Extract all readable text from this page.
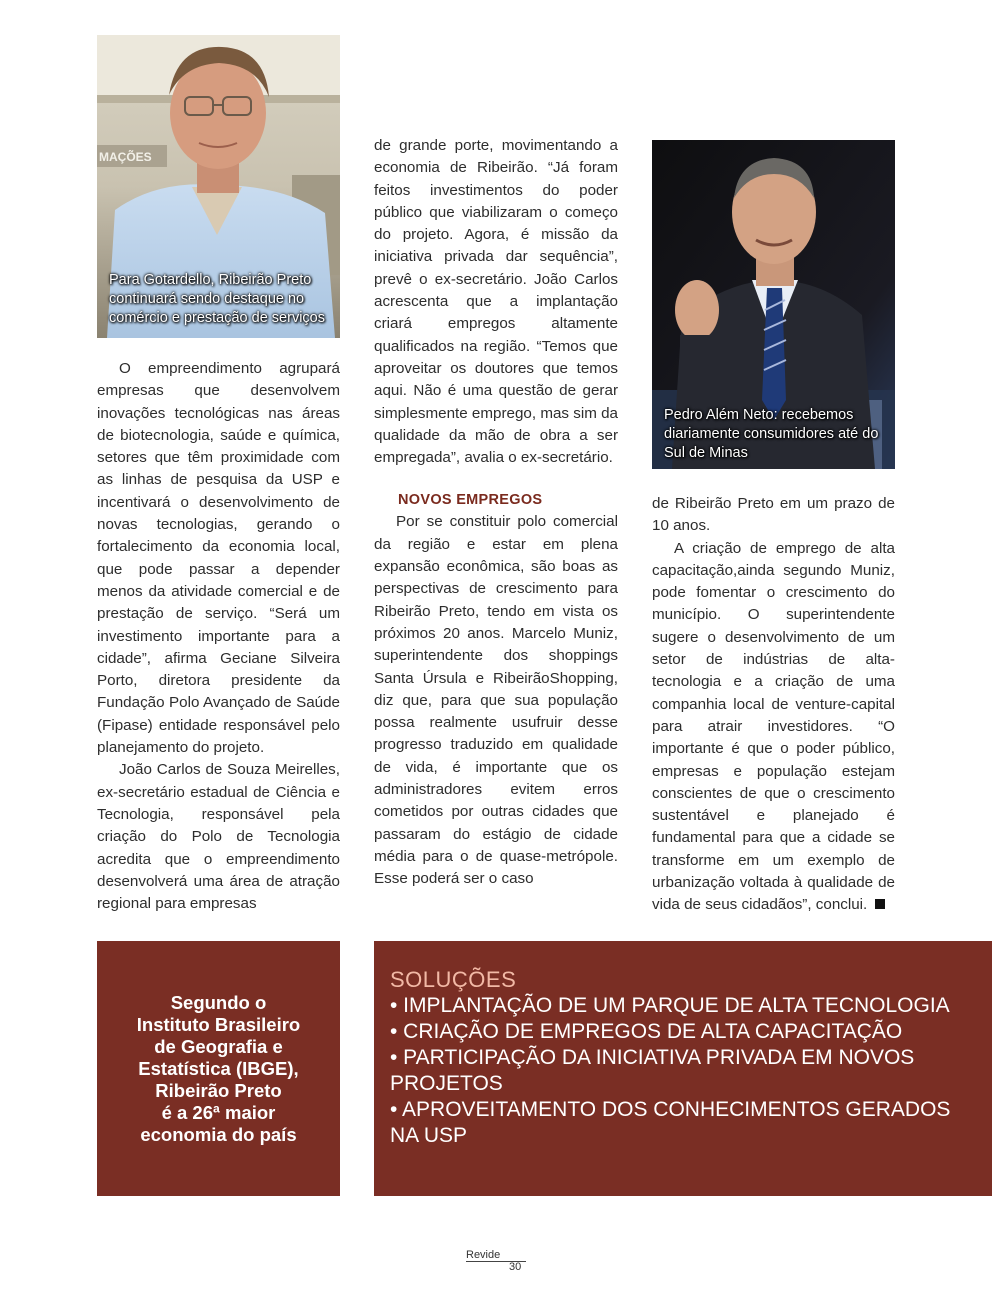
MAÇÕES
Para Gotardello, Ribeirão Preto continuará sendo destaque no comércio e prestação de serviços
Pedro Além Neto: recebemos diariamente consumidores até do Sul de Minas

O empreendimento agrupará empresas que desenvolvem inovações tecnológicas nas áreas de biotecnologia, saúde e química, setores que têm proximidade com as linhas de pesquisa da USP e incentivará o desenvolvimento de novas tecnologias, gerando o fortalecimento da economia local, que pode passar a depender menos da atividade comercial e de prestação de serviço. “Será um investimento importante para a cidade”, afirma Geciane Silveira Porto, diretora presidente da Fundação Polo Avançado de Saúde (Fipase) entidade responsável pelo planejamento do projeto.

João Carlos de Souza Meirelles, ex-secretário estadual de Ciência e Tecnologia, responsável pela criação do Polo de Tecnologia acredita que o empreendimento desenvolverá uma área de atração regional para empresas

de grande porte, movimentando a economia de Ribeirão. “Já foram feitos investimentos do poder público que viabilizaram o começo do projeto. Agora, é missão da iniciativa privada dar sequência”, prevê o ex-secretário. João Carlos acrescenta que a implantação criará empregos altamente qualificados na região. “Temos que aproveitar os doutores que temos aqui. Não é uma questão de gerar simplesmente emprego, mas sim da qualidade da mão de obra a ser empregada”, avalia o ex-secretário.

NOVOS EMPREGOS

Por se constituir polo comercial da região e estar em plena expansão econômica, são boas as perspectivas de crescimento para Ribeirão Preto, tendo em vista os próximos 20 anos. Marcelo Muniz, superintendente dos shoppings Santa Úrsula e RibeirãoShopping, diz que, para que sua população possa realmente usufruir desse progresso traduzido em qualidade de vida, é importante que os administradores evitem erros cometidos por outras cidades que passaram do estágio de cidade média para o de quase-metrópole. Esse poderá ser o caso

de Ribeirão Preto em um prazo de 10 anos.

A criação de emprego de alta capacitação,ainda segundo Muniz, pode fomentar o crescimento do município. O superintendente sugere o desenvolvimento de um setor de indústrias de alta-tecnologia e a criação de uma companhia local de venture-capital para atrair investidores. “O importante é que o poder público, empresas e população estejam conscientes de que o crescimento sustentável e planejado é fundamental para que a cidade se transforme em um exemplo de urbanização voltada à qualidade de vida de seus cidadãos”, conclui.

Segundo o
Instituto Brasileiro
de Geografia e
Estatística (IBGE),
Ribeirão Preto
é a 26ª maior
economia do país
SOLUÇÕES
• IMPLANTAÇÃO DE UM PARQUE DE ALTA TECNOLOGIA
• CRIAÇÃO DE EMPREGOS DE ALTA CAPACITAÇÃO
• PARTICIPAÇÃO DA INICIATIVA PRIVADA EM NOVOS PROJETOS
• APROVEITAMENTO DOS CONHECIMENTOS GERADOS NA USP
Revide
30
